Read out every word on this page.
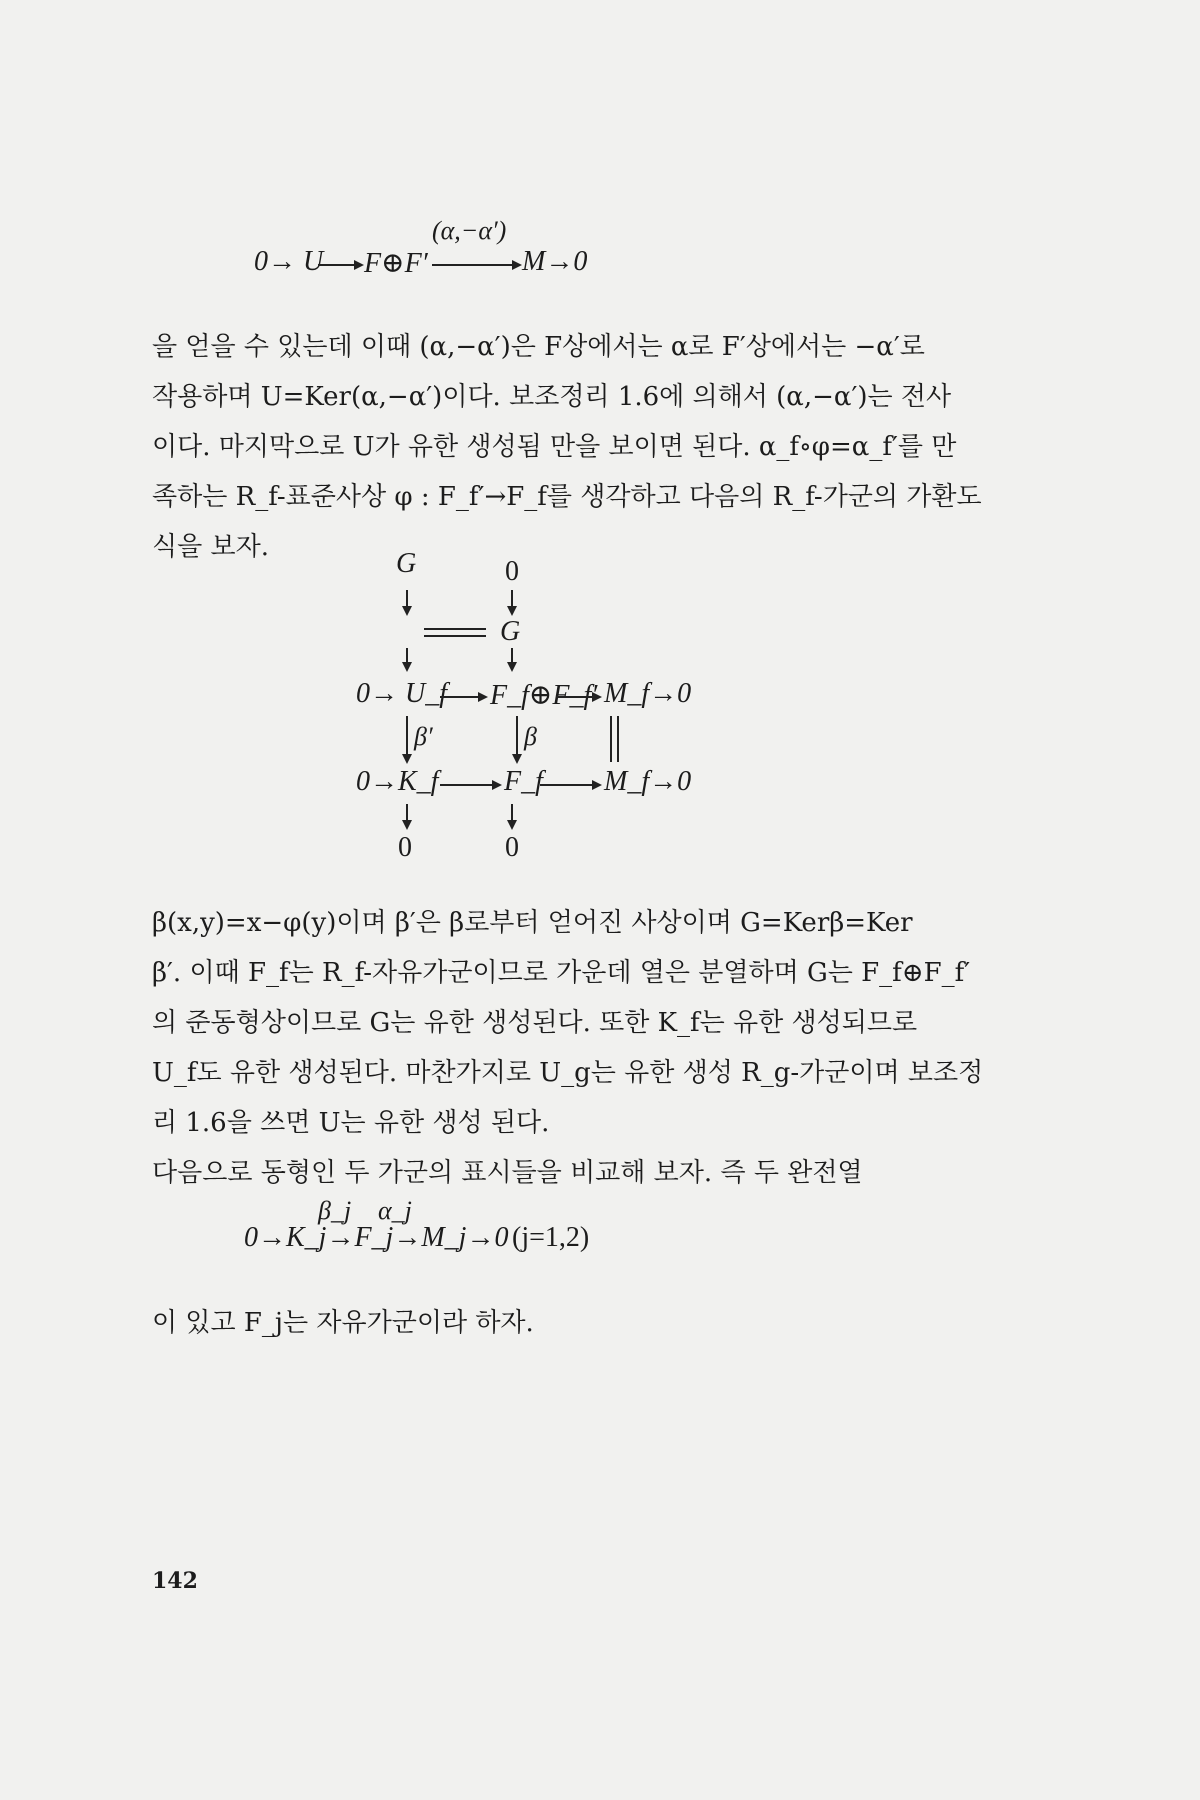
(α,−α′)
0→ U F⊕F′	M→0
을 얻을 수 있는데 이때 (α,−α′)은 F상에서는 α로 F′상에서는 −α′로
작용하며 U=Ker(α,−α′)이다. 보조정리 1.6에 의해서 (α,−α′)는 전사
이다. 마지막으로 U가 유한 생성됨 만을 보이면 된다. α_f∘φ=α_f′를 만
족하는 R_f-표준사상 φ : F_f′→F_f를 생각하고 다음의 R_f-가군의 가환도
식을 보자.
G	0
G
0→ U_f F_f⊕F_f′ M_f→0
β′	β
0→K_f F_f M_f→0
0	0
β(x,y)=x−φ(y)이며 β′은 β로부터 얻어진 사상이며 G=Kerβ=Ker
β′. 이때 F_f는 R_f-자유가군이므로 가운데 열은 분열하며 G는 F_f⊕F_f′
의 준동형상이므로 G는 유한 생성된다. 또한 K_f는 유한 생성되므로
U_f도 유한 생성된다. 마찬가지로 U_g는 유한 생성 R_g-가군이며 보조정
리 1.6을 쓰면 U는 유한 생성 된다.
다음으로 동형인 두 가군의 표시들을 비교해 보자. 즉 두 완전열
β_j α_j
0→K_j→F_j→M_j→0 (j=1,2)
이 있고 F_j는 자유가군이라 하자.
142
